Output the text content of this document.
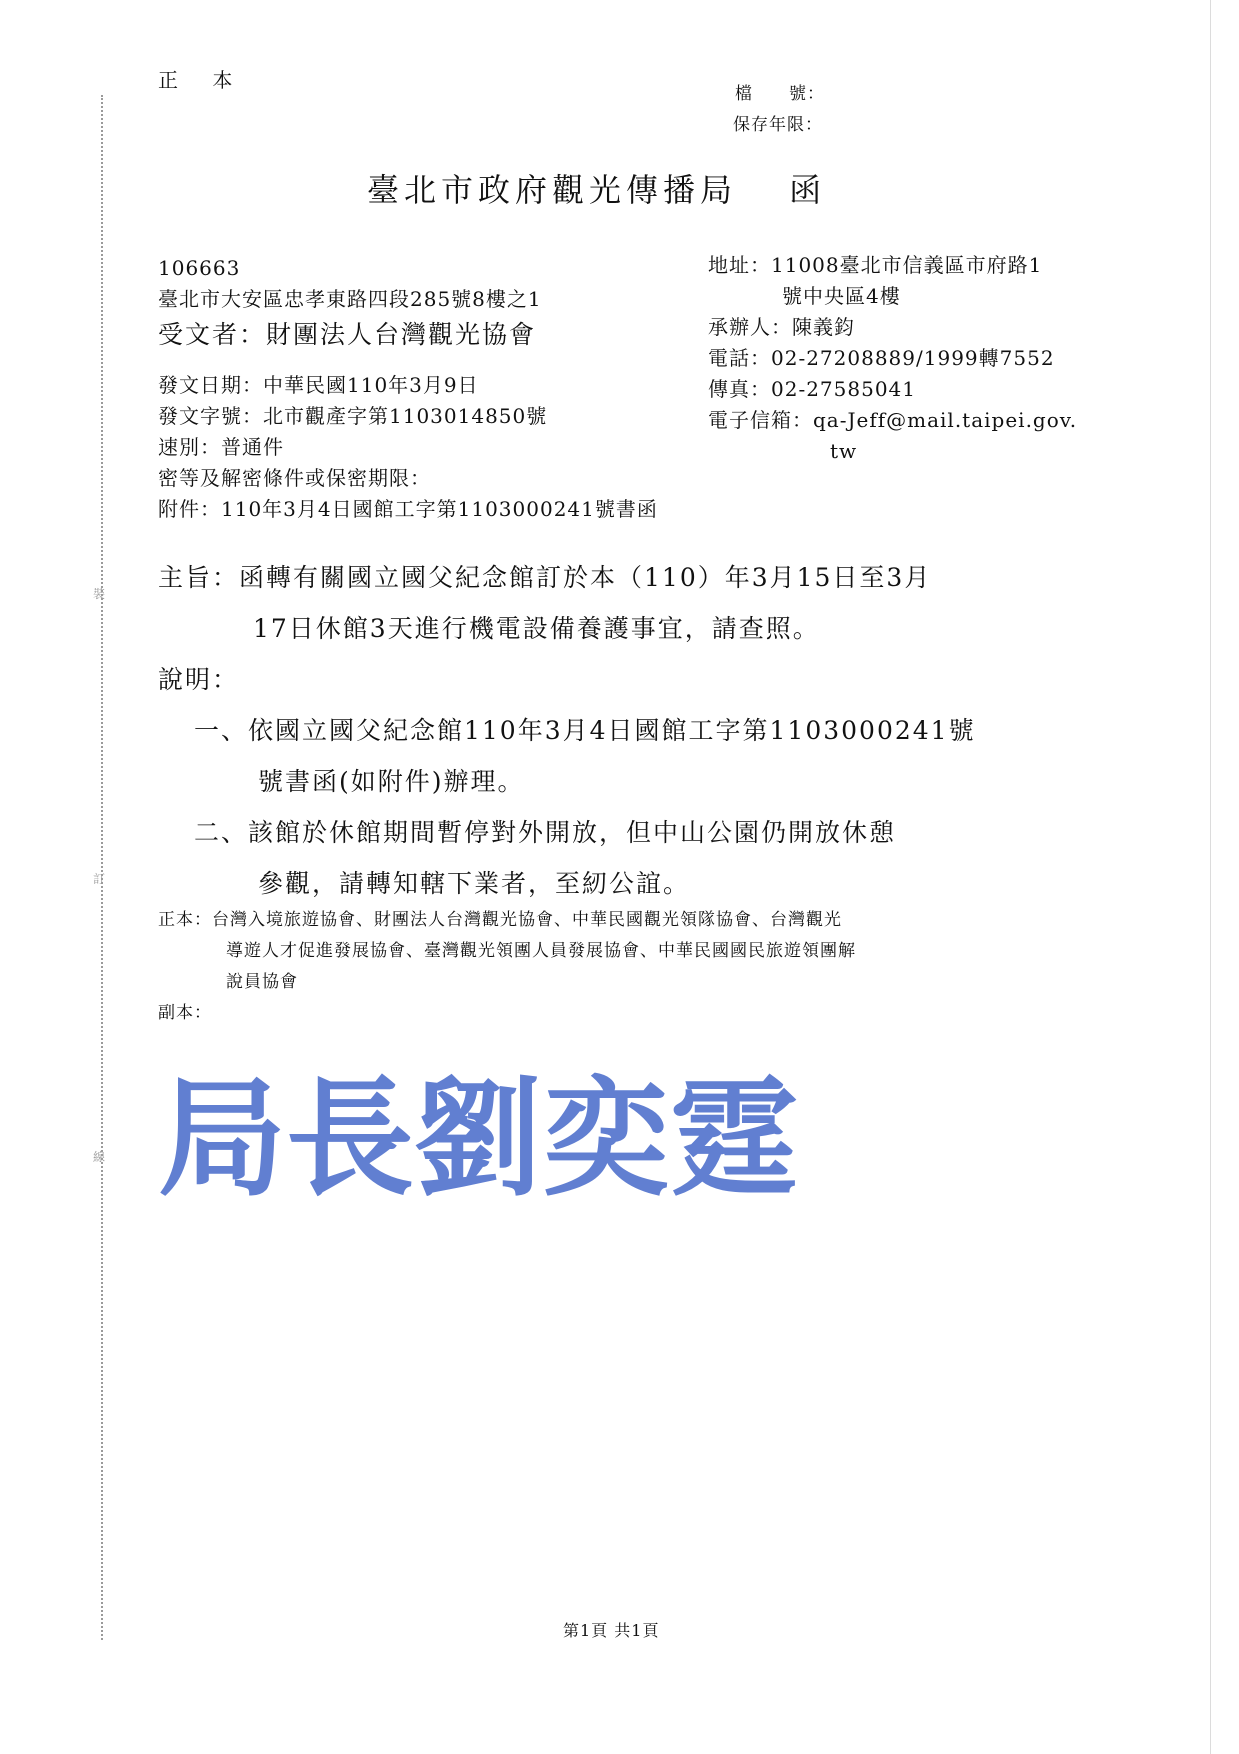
裝
訂
線
正 本
檔　　號：
保存年限：
臺北市政府觀光傳播局　 函
106663
臺北市大安區忠孝東路四段285號8樓之1
受文者：財團法人台灣觀光協會
地址：11008臺北市信義區市府路1
號中央區4樓
承辦人：陳義鈞
電話：02-27208889/1999轉7552
傳真：02-27585041
電子信箱：qa-Jeff@mail.taipei.gov.
tw
發文日期：中華民國110年3月9日
發文字號：北市觀產字第1103014850號
速別：普通件
密等及解密條件或保密期限：
附件：110年3月4日國館工字第1103000241號書函
主旨：函轉有關國立國父紀念館訂於本（110）年3月15日至3月
17日休館3天進行機電設備養護事宜，請查照。
說明：
一、依國立國父紀念館110年3月4日國館工字第1103000241號
號書函(如附件)辦理。
二、該館於休館期間暫停對外開放，但中山公園仍開放休憩
參觀，請轉知轄下業者，至紉公誼。
正本：台灣入境旅遊協會、財團法人台灣觀光協會、中華民國觀光領隊協會、台灣觀光
導遊人才促進發展協會、臺灣觀光領團人員發展協會、中華民國國民旅遊領團解
說員協會
副本：
局長劉奕霆
第1頁 共1頁
